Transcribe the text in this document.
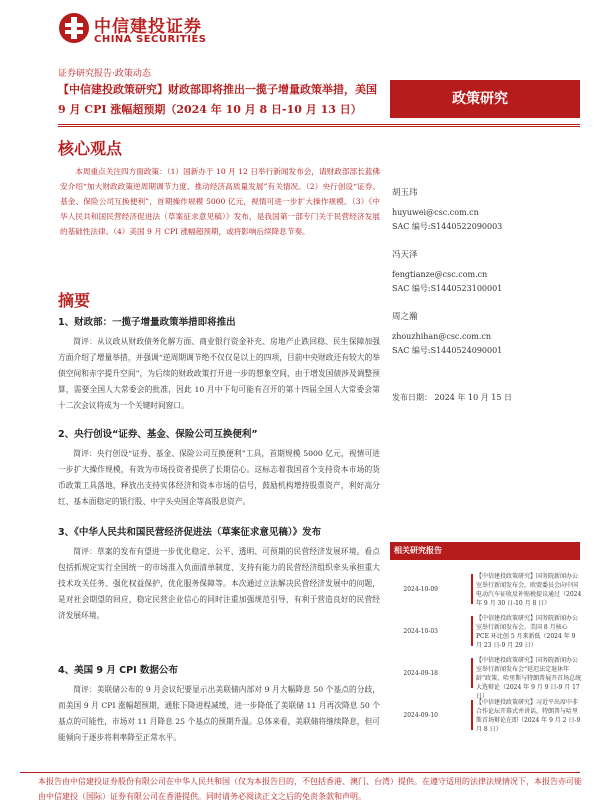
中信建投证券
CHINA SECURITIES
证券研究报告·政策动态
【中信建投政策研究】财政部即将推出一揽子增量政策举措，美国 9 月 CPI 涨幅超预期（2024 年 10 月 8 日-10 月 13 日）
政策研究
核心观点
本周重点关注四方面政策：（1）国新办于 10 月 12 日举行新闻发布会，请财政部部长蓝佛安介绍“加大财政政策逆周期调节力度、推动经济高质量发展”有关情况。（2）央行创设“证券、基金、保险公司互换便利”，首期操作规模 5000 亿元，视情可进一步扩大操作规模。（3）《中华人民共和国民营经济促进法（草案征求意见稿）》发布，是我国第一部专门关于民营经济发展的基础性法律。（4）美国 9 月 CPI 涨幅超预期，或将影响后续降息节奏。
摘要
1、财政部：一揽子增量政策举措即将推出
简评：从议政从财政债务化解方面、商业银行资金补充、房地产止跌回稳、民生保障加强方面介绍了增量举措，并强调“逆周期调节绝不仅仅是以上的四项，目前中央财政还有较大的举债空间和赤字提升空间”，为后续的财政政策打开进一步的想象空间，由于增发国债涉及调整预算，需要全国人大常委会的批准，因此 10 月中下旬可能有召开的第十四届全国人大常委会第十二次会议将成为一个关键时间窗口。
2、央行创设“证券、基金、保险公司互换便利”
简评：央行创设“证券、基金、保险公司互换便利”工具，首期规模 5000 亿元，视情可进一步扩大操作规模，有效为市场投资者提供了长期信心。这标志着我国首个支持资本市场的货币政策工具落地，释放出支持实体经济和资本市场的信号，鼓励机构增持股票资产，利好高分红、基本面稳定的银行股、中字头央国企等高股息资产。
3、《中华人民共和国民营经济促进法（草案征求意见稿）》发布
简评：草案的发布有望进一步优化稳定、公平、透明、可预期的民营经济发展环境。看点包括抓规定实行全国统一的市场准入负面清单制度、支持有能力的民营经济组织牵头承担重大技术攻关任务、强化权益保护，优化服务保障等。本次通过立法解决民营经济发展中的问题，是对社会期望的回应，稳定民营企业信心的同时注重加强规范引导，有利于营造良好的民营经济发展环境。
4、美国 9 月 CPI 数据公布
简评：美联储公布的 9 月会议纪要显示出美联储内部对 9 月大幅降息 50 个基点的分歧，而美国 9 月 CPI 涨幅超预期，通胀下降进程减缓，进一步降低了美联储 11 月再次降息 50 个基点的可能性，市场对 11 月降息 25 个基点的预期升温。总体来看，美联储将继续降息，但可能倾向于逐步将利率降至正常水平。
胡玉玮
huyuwei@csc.com.cn
SAC 编号:S1440522090003
冯天泽
fengtianze@csc.com.cn
SAC 编号:S1440523100001
周之瀚
zhouzhihan@csc.com.cn
SAC 编号:S1440524090001
发布日期： 2024 年 10 月 15 日
相关研究报告
2024-10-09
【中信建投政策研究】国务院新闻办公室举行新闻发布会，欧盟委员会向中国电动汽车征收反补贴税提议通过（2024 年 9 月 30 日-10 月 8 日）
2024-10-03
【中信建投政策研究】国务院新闻办公室举行新闻发布会，美国 8 月核心 PCE 环比创 5 月来新低（2024 年 9 月 23 日-9 月 29 日）
2024-09-18
【中信建投政策研究】国务院新闻办公室举行新闻发布会“延迟法定退休年龄”政策，哈里斯与特朗普展开首场总统大选辩论（2024 年 9 月 9 日-9 月 17 日）
2024-09-10
【中信建投政策研究】习近平出席中非合作论坛开幕式并讲话，特朗普与哈里斯首场辩论在即（2024 年 9 月 2 日-9 月 8 日）
本报告由中信建投证券股份有限公司在中华人民共和国（仅为本报告目的，不包括香港、澳门、台湾）提供。在遵守适用的法律法规情况下，本报告亦可能由中信建投（国际）证券有限公司在香港提供。同时请务必阅读正文之后的免责条款和声明。
